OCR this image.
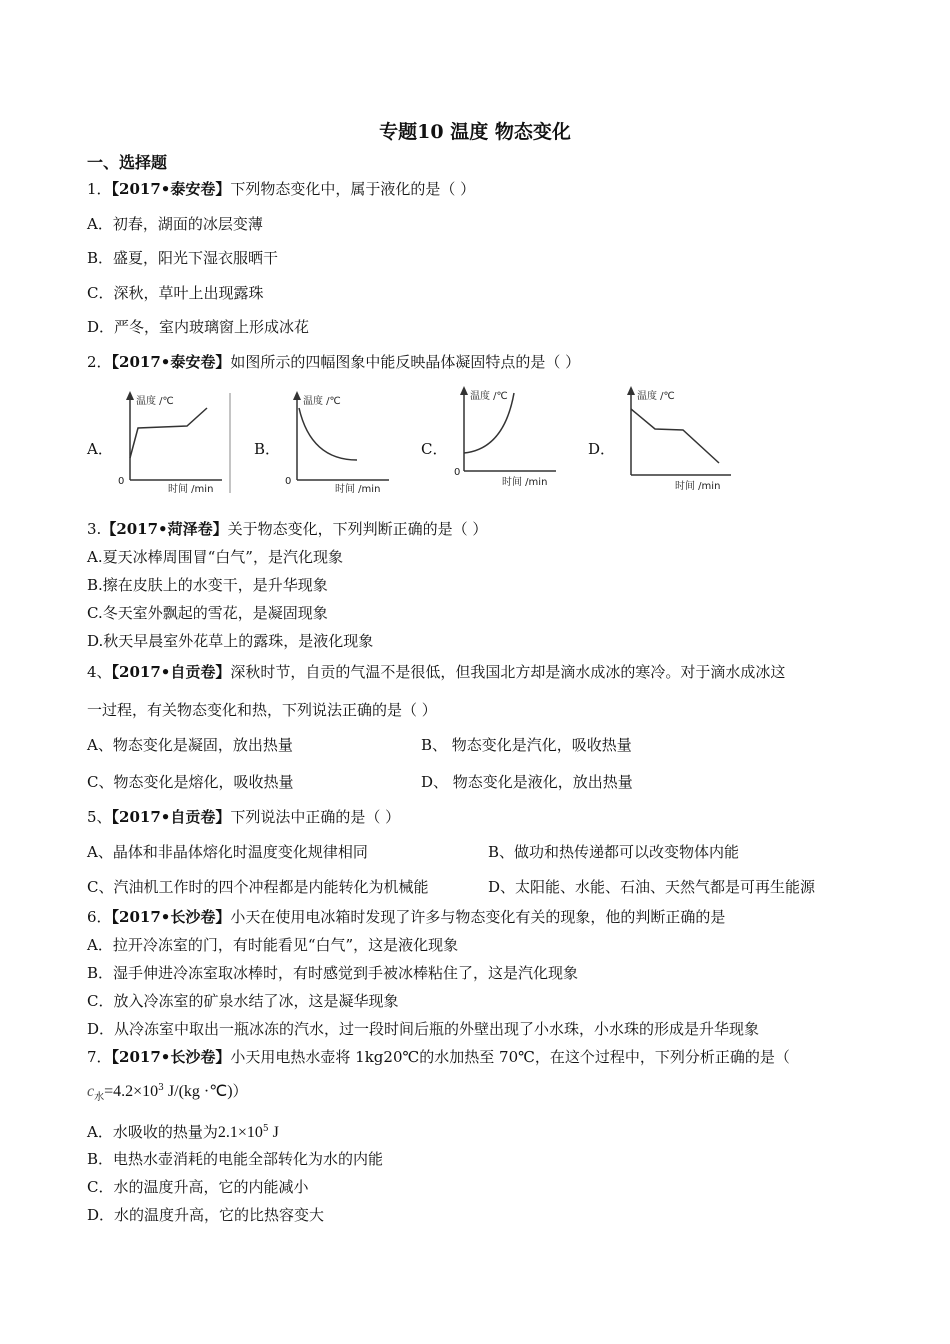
专题10 温度 物态变化
一、选择题
1．【2017•泰安卷】下列物态变化中，属于液化的是（ ）
A．初春，湖面的冰层变薄
B．盛夏，阳光下湿衣服晒干
C．深秋，草叶上出现露珠
D．严冬，室内玻璃窗上形成冰花
2．【2017•泰安卷】如图所示的四幅图象中能反映晶体凝固特点的是（ ）
A．
温度 /℃
时间 /min
0
B．
温度 /℃
时间 /min
0
C．
温度 /℃
时间 /min
0
D．
温度 /℃
时间 /min
3.【2017•菏泽卷】关于物态变化，下列判断正确的是（ ）
A.夏天冰棒周围冒“白气”，是汽化现象
B.擦在皮肤上的水变干，是升华现象
C.冬天室外飘起的雪花，是凝固现象
D.秋天早晨室外花草上的露珠，是液化现象
4、【2017•自贡卷】深秋时节，自贡的气温不是很低，但我国北方却是滴水成冰的寒冷。对于滴水成冰这
一过程，有关物态变化和热，下列说法正确的是（ ）
A、物态变化是凝固，放出热量	B、 物态变化是汽化，吸收热量
C、物态变化是熔化，吸收热量	D、 物态变化是液化，放出热量
5、【2017•自贡卷】下列说法中正确的是（ ）
A、晶体和非晶体熔化时温度变化规律相同	B、做功和热传递都可以改变物体内能
C、汽油机工作时的四个冲程都是内能转化为机械能	D、太阳能、水能、石油、天然气都是可再生能源
6．【2017•长沙卷】小天在使用电冰箱时发现了许多与物态变化有关的现象，他的判断正确的是
A．拉开冷冻室的门，有时能看见“白气”，这是液化现象
B．湿手伸进冷冻室取冰棒时，有时感觉到手被冰棒粘住了，这是汽化现象
C．放入冷冻室的矿泉水结了冰，这是凝华现象
D．从冷冻室中取出一瓶冰冻的汽水，过一段时间后瓶的外壁出现了小水珠，小水珠的形成是升华现象
7．【2017•长沙卷】小天用电热水壶将 1kg20℃的水加热至 70℃，在这个过程中，下列分析正确的是（
$c_水=4.2\times 10^3$ J/(kg ·℃)）
A．水吸收的热量为$2.1\times 10^5$ J
B．电热水壶消耗的电能全部转化为水的内能
C．水的温度升高，它的内能减小
D．水的温度升高，它的比热容变大
